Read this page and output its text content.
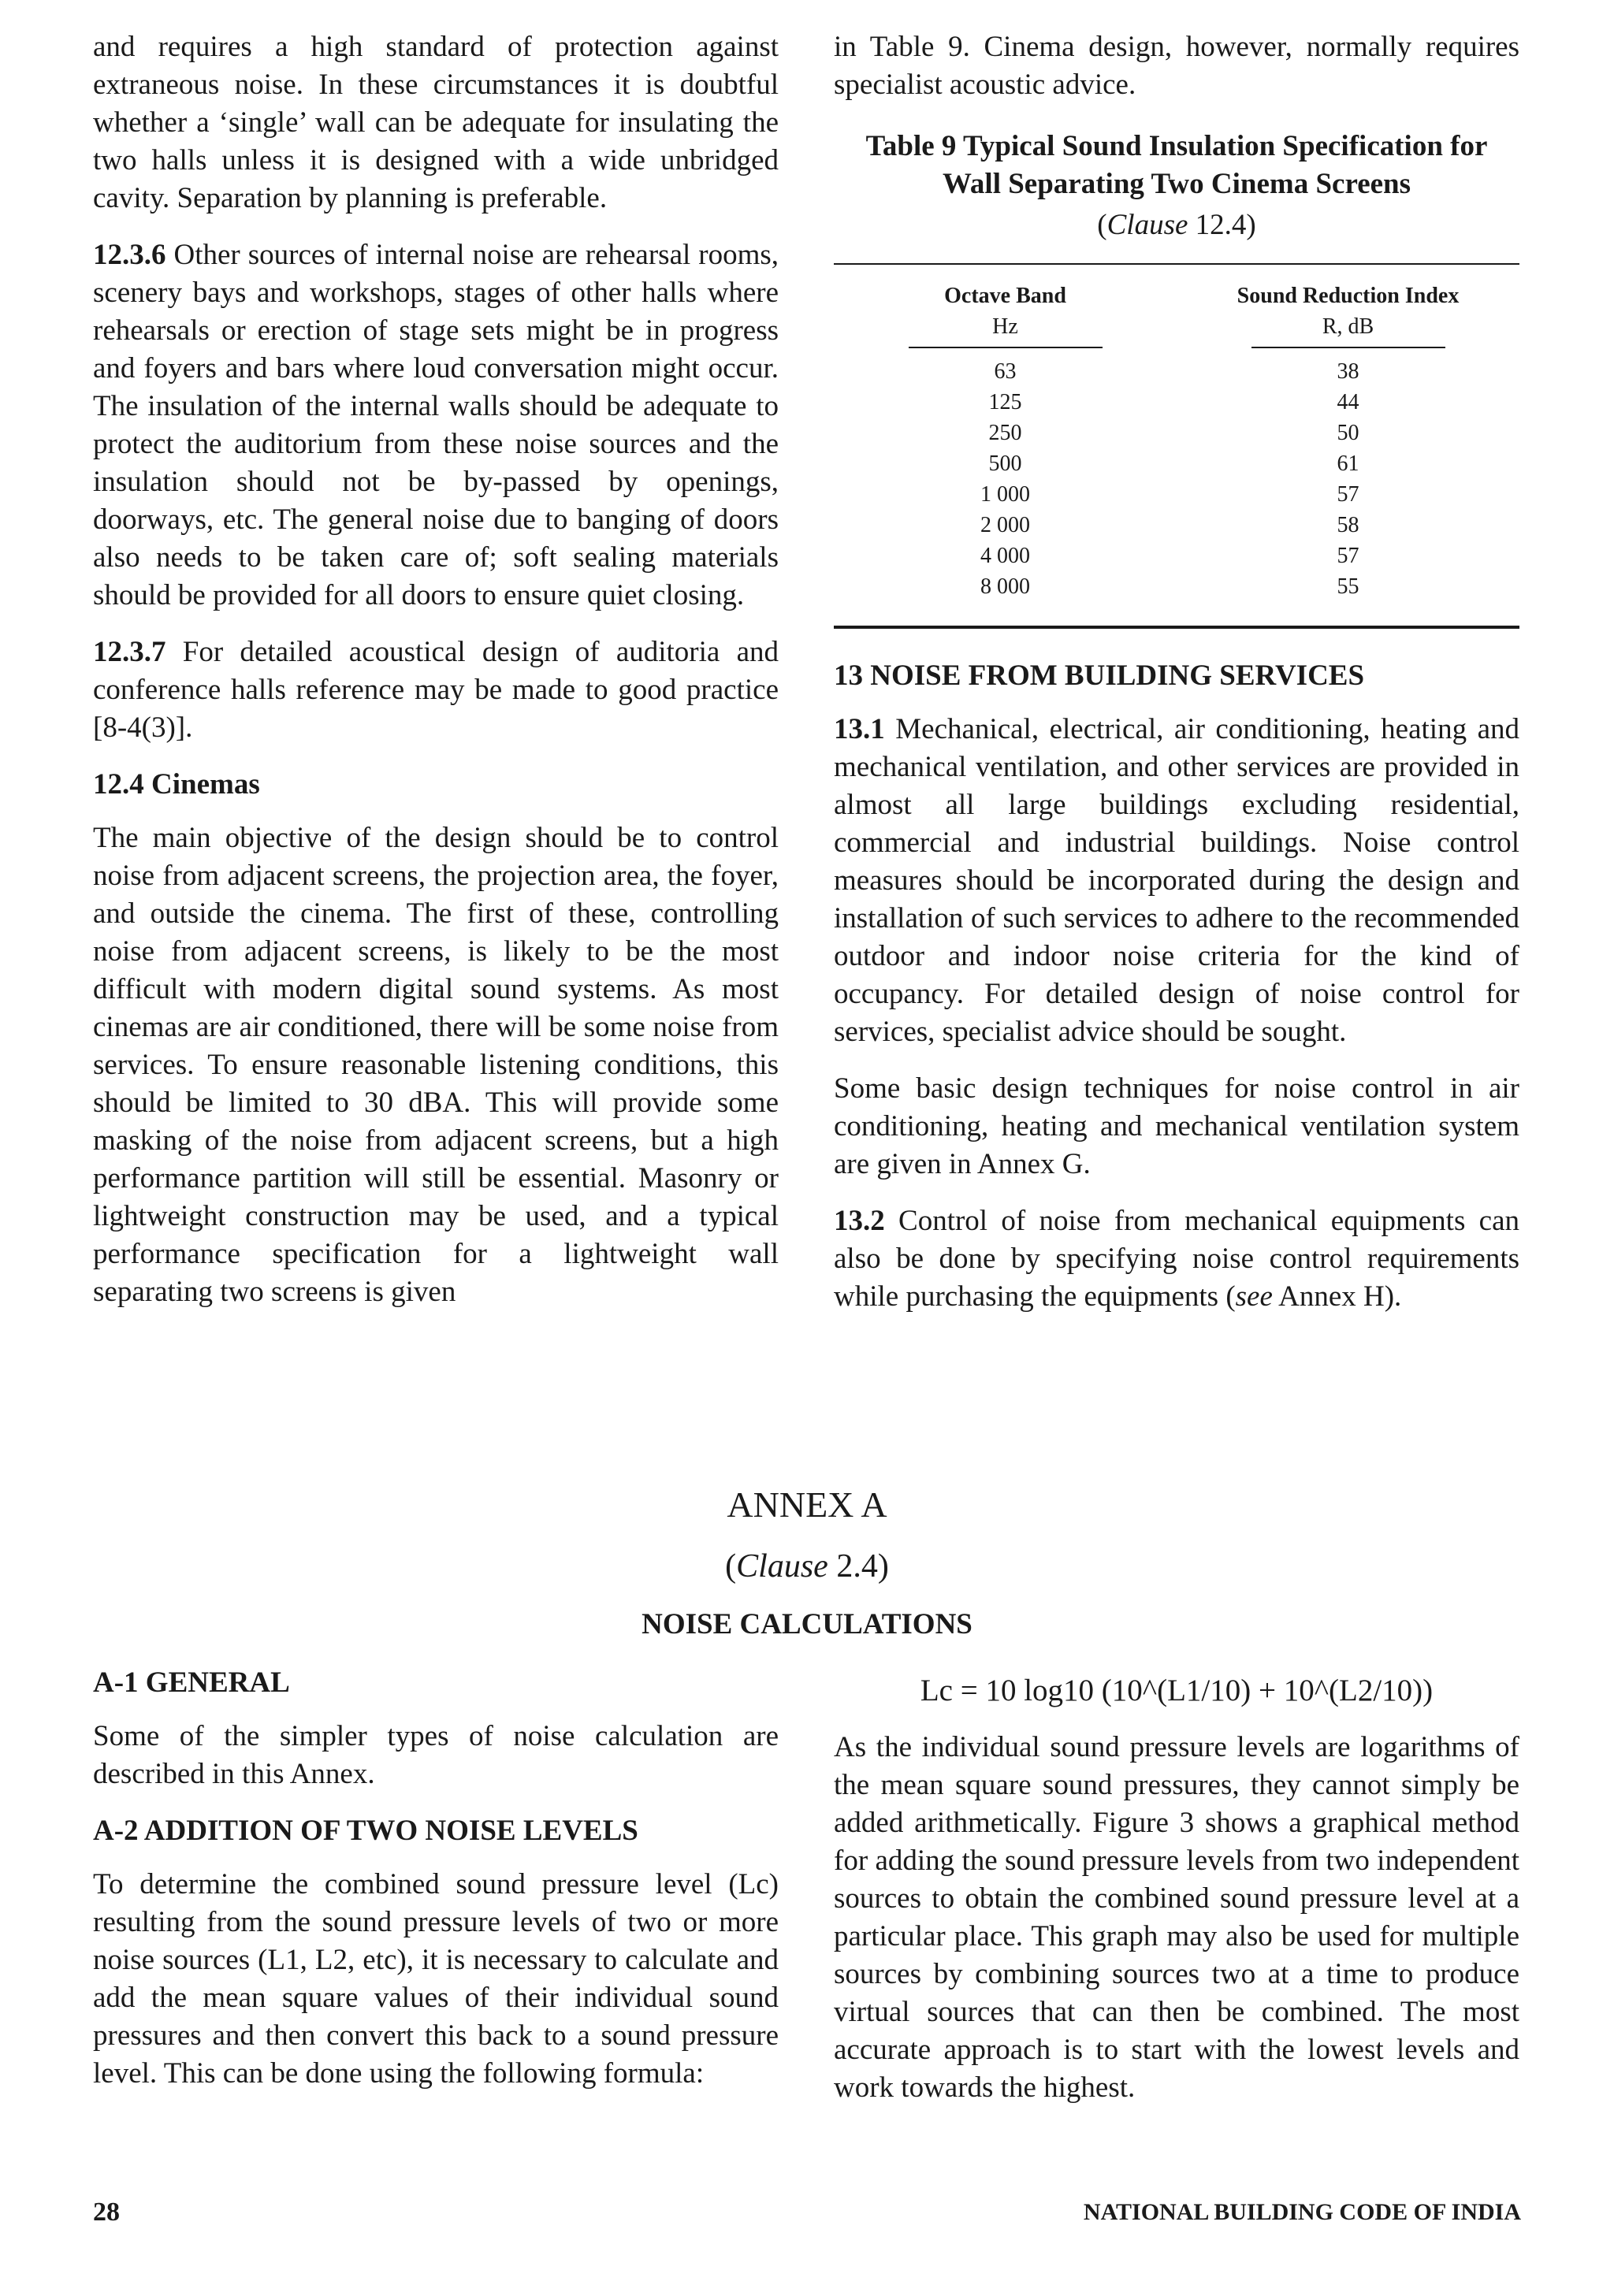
and requires a high standard of protection against extraneous noise. In these circumstances it is doubtful whether a ‘single’ wall can be adequate for insulating the two halls unless it is designed with a wide unbridged cavity. Separation by planning is preferable.

12.3.6 Other sources of internal noise are rehearsal rooms, scenery bays and workshops, stages of other halls where rehearsals or erection of stage sets might be in progress and foyers and bars where loud conversation might occur. The insulation of the internal walls should be adequate to protect the auditorium from these noise sources and the insulation should not be by-passed by openings, doorways, etc. The general noise due to banging of doors also needs to be taken care of; soft sealing materials should be provided for all doors to ensure quiet closing.

12.3.7 For detailed acoustical design of auditoria and conference halls reference may be made to good practice [8-4(3)].

12.4 Cinemas

The main objective of the design should be to control noise from adjacent screens, the projection area, the foyer, and outside the cinema. The first of these, controlling noise from adjacent screens, is likely to be the most difficult with modern digital sound systems. As most cinemas are air conditioned, there will be some noise from services. To ensure reasonable listening conditions, this should be limited to 30 dBA. This will provide some masking of the noise from adjacent screens, but a high performance partition will still be essential. Masonry or lightweight construction may be used, and a typical performance specification for a lightweight wall separating two screens is given

in Table 9. Cinema design, however, normally requires specialist acoustic advice.

Table 9 Typical Sound Insulation Specification for Wall Separating Two Cinema Screens
(Clause 12.4)
Octave Band	Sound Reduction Index

Hz	R, dB

63	38
125	44
250	50
500	61
1 000	57
2 000	58
4 000	57
8 000	55
13 NOISE FROM BUILDING SERVICES

13.1 Mechanical, electrical, air conditioning, heating and mechanical ventilation, and other services are provided in almost all large buildings excluding residential, commercial and industrial buildings. Noise control measures should be incorporated during the design and installation of such services to adhere to the recommended outdoor and indoor noise criteria for the kind of occupancy. For detailed design of noise control for services, specialist advice should be sought.

Some basic design techniques for noise control in air conditioning, heating and mechanical ventilation system are given in Annex G.

13.2 Control of noise from mechanical equipments can also be done by specifying noise control requirements while purchasing the equipments (see Annex H).

ANNEX A
(Clause 2.4)
NOISE CALCULATIONS
A-1 GENERAL

Some of the simpler types of noise calculation are described in this Annex.

A-2 ADDITION OF TWO NOISE LEVELS

To determine the combined sound pressure level (Lc) resulting from the sound pressure levels of two or more noise sources (L1, L2, etc), it is necessary to calculate and add the mean square values of their individual sound pressures and then convert this back to a sound pressure level. This can be done using the following formula:

Lc = 10 log10 (10^(L1/10) + 10^(L2/10))

As the individual sound pressure levels are logarithms of the mean square sound pressures, they cannot simply be added arithmetically. Figure 3 shows a graphical method for adding the sound pressure levels from two independent sources to obtain the combined sound pressure level at a particular place. This graph may also be used for multiple sources by combining sources two at a time to produce virtual sources that can then be combined. The most accurate approach is to start with the lowest levels and work towards the highest.

28	NATIONAL BUILDING CODE OF INDIA
